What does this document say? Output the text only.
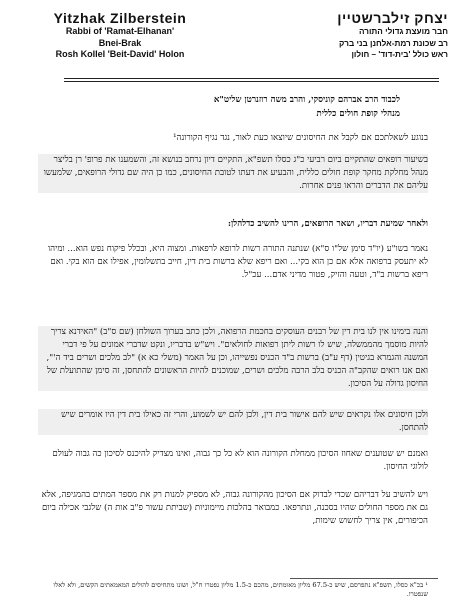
Yitzhak Zilberstein
Rabbi of 'Ramat-Elhanan'
Bnei-Brak
Rosh Kollel 'Beit-David' Holon
יצחק זילברשטיין
חבר מועצת גדולי התורה
רב שכונת רמת-אלחנן בני ברק
ראש כולל 'בית-דוד' – חולון
לכבוד הרב אברהם קוניסקי, והרב משה רוזנרטן שליט"א
מנהלי קופת חולים כללית
בנוגע לשאלתכם אם לקבל את החיסונים שיוצאו כעת לאור, נגד נגיף הקורונה¹
בשיעור רופאים שהתקיים ביום רביעי כ"ג כסלו תשפ"א, התקיים דיון נרחב בנושא זה, והשמענו את פרופ' רן בליצר מנהל מחלקת מחקר קופת חולים כללית, והבעיע את דעתו לטובת החיסונים, כמו כן היה שם גדולי הרופאים, שלמעשו עליהם את הדברים והראו פנים אחרות.
ולאחר שמיעת דבריו, ושאר הרופאים, הרינו להשיב כדלהלן:
נאמר בשו"ע (יו"ד סימן של"ו ס"א) שנתנה התורה רשות לרופא לרפאות. ומצוה היא, ובכלל פיקוח נפש הוא... ומיהו לא יתעסק ברפואה אלא אם כן הוא בקי... ואם ריפא שלא ברשות בית דין, חייב בתשלומין, אפילו אם הוא בקי. ואם ריפא ברשות ב"ד, וטעה והזיק, פטור מדיני אדם... עכ"ל.
והנה בימינו אין לנו בית דין של רבנים העוסקים בחכמת הרפואה, ולכן כתב בערוך השולחן (שם ס"ב) "האידנא צריך להיות מוסמך מהממשלה, שיש לו רשות ליתן רפואות לחולאים". ויש"ש בדבריו, ונקט שדברי אמונים על פי דברי המשנה והגמרא בגיטין (דף ע"ב) ברשות ב"ד הכניס נפשייהו, וכן על האמר (משלי כא א) "לב מלכים ושרים ביד ה'", ואם אנו רואים שהקב"ה הכניס בלב הרבה מלכים ושרים, שמוכנים להיות הראשונים להתחסן, זה סימן שהתועלת של החיסון גדולה על הסיכון.
ולכן חיסונים אלו נקראים שיש להם אישור בית דין, ולכן להם יש לשמוע, והרי זה כאילו בית דין היו אומרים שיש להתחסן.
ואמנם יש שטוענים שאחוז הסיכון ממחלת הקורונה הוא לא כל כך גבוה, ואינו מצדיק להיכנס לסיכון כה גבוה לעולם לולוגי החיסון.
ויש להשיב על דבריהם שכדי לבדוק אם הסיכון מהקורונה גבוה, לא מספיק למנות רק את מספר המתים בהמגיפה, אלא גם את מספר החולים שהיו בסכנה, ונתרפאו. כמבואר בהלכות מיימוניות (שביתת עשור פ"ב אות ה) שלגבי אכילה ביום הכיפורים, אין צריך לחשוש שימות,
¹ בכ"א כסלו, תשפ"א נתפרסם, שיש כ-67.5 מליון מאומתים, מהכם כ-1.5 מליון נפטרו ח"ל, ושונו מתחיסים להולים המאמאתים הקשים, ולא לאלו שנפטרו.
